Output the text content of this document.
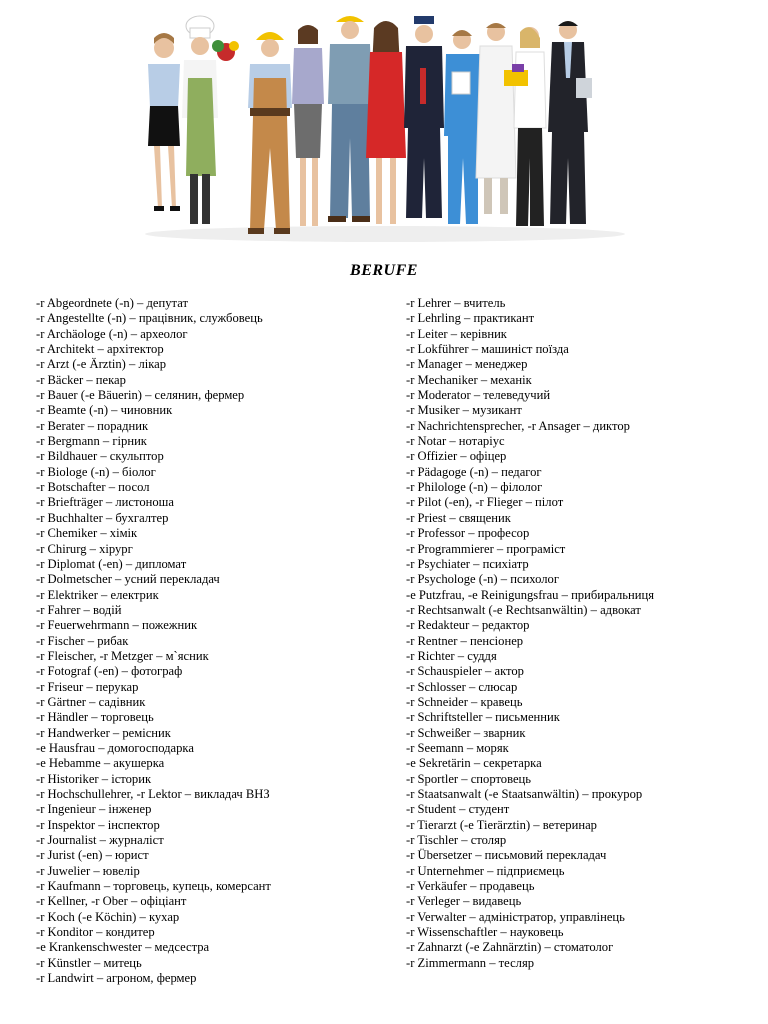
BERUFE
-r Abgeordnete (-n) – депутат
-r Angestellte (-n) – працівник, службовець
-r Archäologe (-n) – археолог
-r Architekt – архітектор
-r Arzt (-e Ärztin) – лікар
-r Bäcker – пекар
-r Bauer (-e Bäuerin) – селянин, фермер
-r Beamte (-n) – чиновник
-r Berater – порадник
-r Bergmann – гірник
-r Bildhauer – скульптор
-r Biologe (-n) – біолог
-r Botschafter – посол
-r Briefträger – листоноша
-r Buchhalter – бухгалтер
-r Chemiker – хімік
-r Chirurg – хірург
-r Diplomat (-en) – дипломат
-r Dolmetscher – усний перекладач
-r Elektriker – електрик
-r Fahrer – водій
-r Feuerwehrmann – пожежник
-r Fischer – рибак
-r Fleischer, -r Metzger – м`ясник
-r Fotograf (-en) – фотограф
-r Friseur – перукар
-r Gärtner – садівник
-r Händler – торговець
-r Handwerker – ремісник
-e Hausfrau – домогосподарка
-e Hebamme – акушерка
-r Historiker – історик
-r Hochschullehrer, -r Lektor – викладач ВНЗ
-r Ingenieur – інженер
-r Inspektor – інспектор
-r Journalist – журналіст
-r Jurist (-en) – юрист
-r Juwelier – ювелір
-r Kaufmann – торговець, купець, комерсант
-r Kellner, -r Ober – офіціант
-r Koch (-e Köchin) – кухар
-r Konditor – кондитер
-e Krankenschwester – медсестра
-r Künstler – митець
-r Landwirt – агроном, фермер
-r Lehrer – вчитель
-r Lehrling – практикант
-r Leiter – керівник
-r Lokführer – машиніст поїзда
-r Manager – менеджер
-r Mechaniker – механік
-r Moderator – телеведучий
-r Musiker – музикант
-r Nachrichtensprecher, -r Ansager – диктор
-r Notar – нотаріус
-r Offizier – офіцер
-r Pädagoge (-n) – педагог
-r Philologe (-n) – філолог
-r Pilot (-en), -r Flieger – пілот
-r Priest – священик
-r Professor – професор
-r Programmierer – програміст
-r Psychiater – психіатр
-r Psychologe (-n) – психолог
-e Putzfrau, -e Reinigungsfrau – прибиральниця
-r Rechtsanwalt (-e Rechtsanwältin) – адвокат
-r Redakteur – редактор
-r Rentner – пенсіонер
-r Richter – суддя
-r Schauspieler – актор
-r Schlosser – слюсар
-r Schneider – кравець
-r Schriftsteller – письменник
-r Schweißer – зварник
-r Seemann – моряк
-e Sekretärin – секретарка
-r Sportler – спортовець
-r Staatsanwalt (-e Staatsanwältin) – прокурор
-r Student – студент
-r Tierarzt (-e Tierärztin) – ветеринар
-r Tischler – столяр
-r Übersetzer – письмовий перекладач
-r Unternehmer – підприємець
-r Verkäufer – продавець
-r Verleger – видавець
-r Verwalter – адміністратор, управлінець
-r Wissenschaftler – науковець
-r Zahnarzt (-e Zahnärztin) – стоматолог
-r Zimmermann – тесляр
